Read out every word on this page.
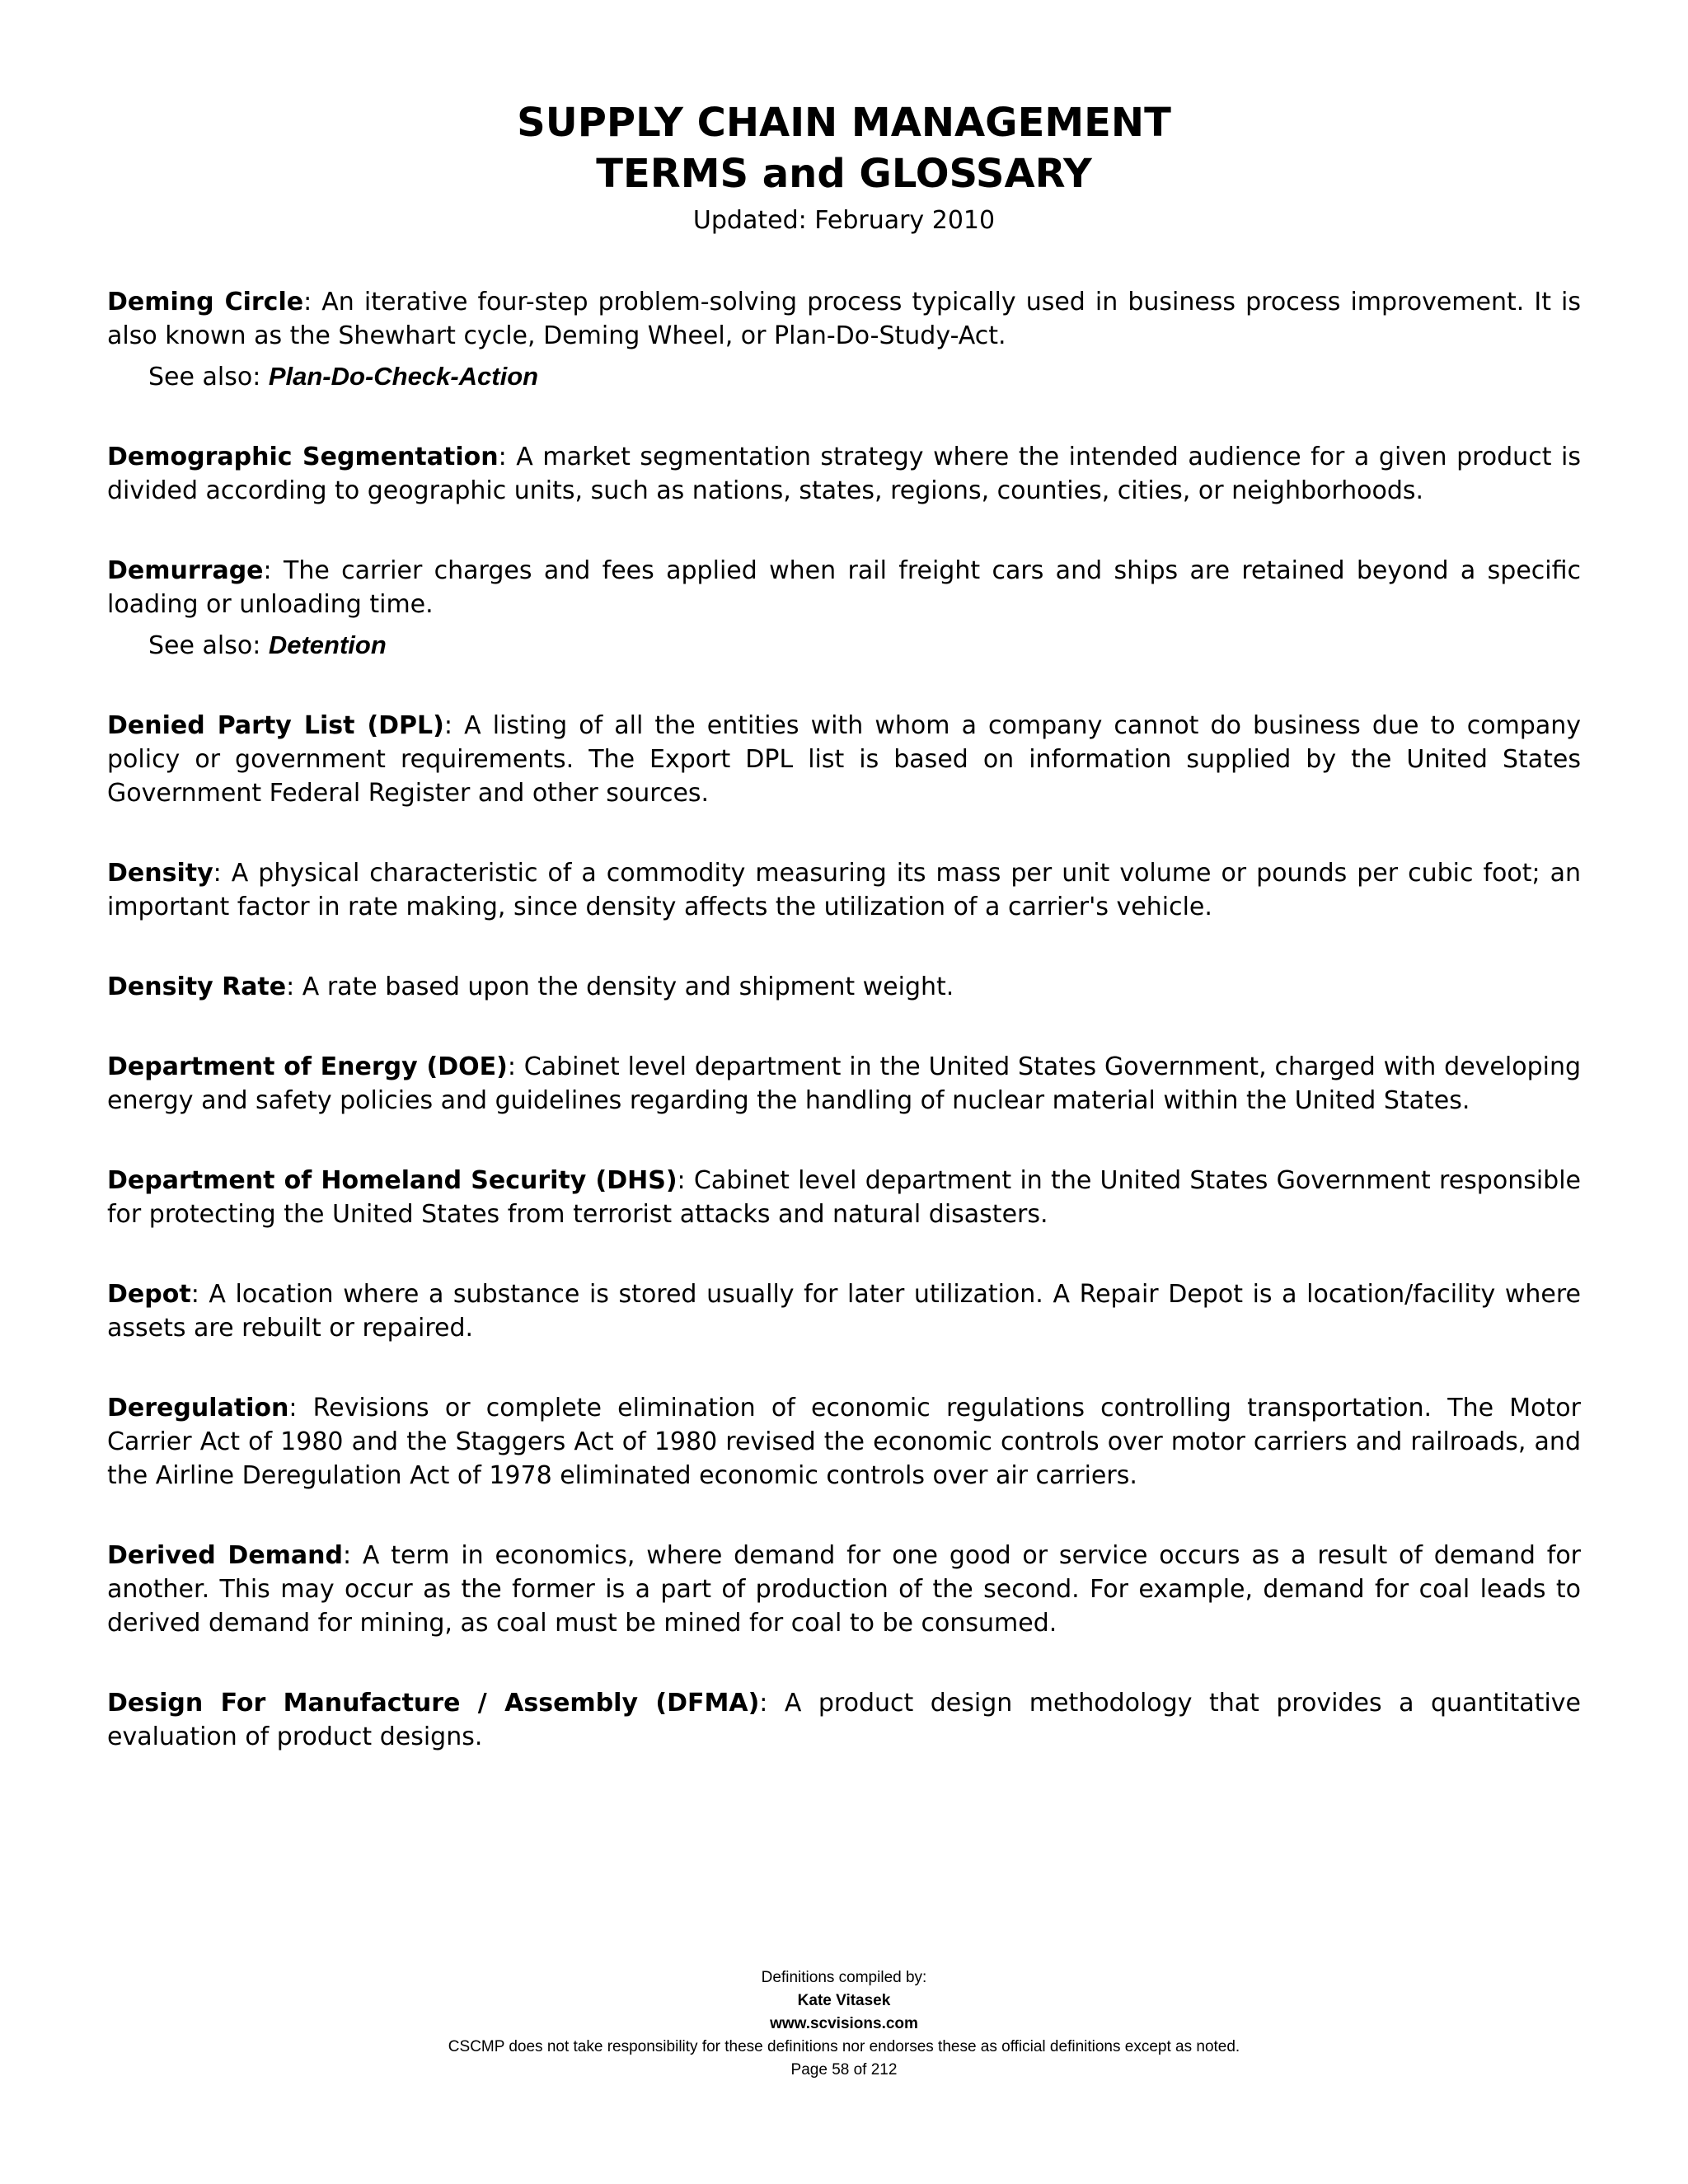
SUPPLY CHAIN MANAGEMENT
TERMS and GLOSSARY
Updated: February 2010

Deming Circle: An iterative four-step problem-solving process typically used in business process improvement. It is also known as the Shewhart cycle, Deming Wheel, or Plan-Do-Study-Act.

See also: Plan-Do-Check-Action

Demographic Segmentation: A market segmentation strategy where the intended audience for a given product is divided according to geographic units, such as nations, states, regions, counties, cities, or neighborhoods.

Demurrage: The carrier charges and fees applied when rail freight cars and ships are retained beyond a specific loading or unloading time.

See also: Detention

Denied Party List (DPL): A listing of all the entities with whom a company cannot do business due to company policy or government requirements. The Export DPL list is based on information supplied by the United States Government Federal Register and other sources.

Density: A physical characteristic of a commodity measuring its mass per unit volume or pounds per cubic foot; an important factor in rate making, since density affects the utilization of a carrier's vehicle.

Density Rate: A rate based upon the density and shipment weight.

Department of Energy (DOE): Cabinet level department in the United States Government, charged with developing energy and safety policies and guidelines regarding the handling of nuclear material within the United States.

Department of Homeland Security (DHS): Cabinet level department in the United States Government responsible for protecting the United States from terrorist attacks and natural disasters.

Depot: A location where a substance is stored usually for later utilization. A Repair Depot is a location/facility where assets are rebuilt or repaired.

Deregulation: Revisions or complete elimination of economic regulations controlling transportation. The Motor Carrier Act of 1980 and the Staggers Act of 1980 revised the economic controls over motor carriers and railroads, and the Airline Deregulation Act of 1978 eliminated economic controls over air carriers.

Derived Demand: A term in economics, where demand for one good or service occurs as a result of demand for another. This may occur as the former is a part of production of the second. For example, demand for coal leads to derived demand for mining, as coal must be mined for coal to be consumed.

Design For Manufacture / Assembly (DFMA): A product design methodology that provides a quantitative evaluation of product designs.

Definitions compiled by:
Kate Vitasek
www.scvisions.com
CSCMP does not take responsibility for these definitions nor endorses these as official definitions except as noted.
Page 58 of 212
